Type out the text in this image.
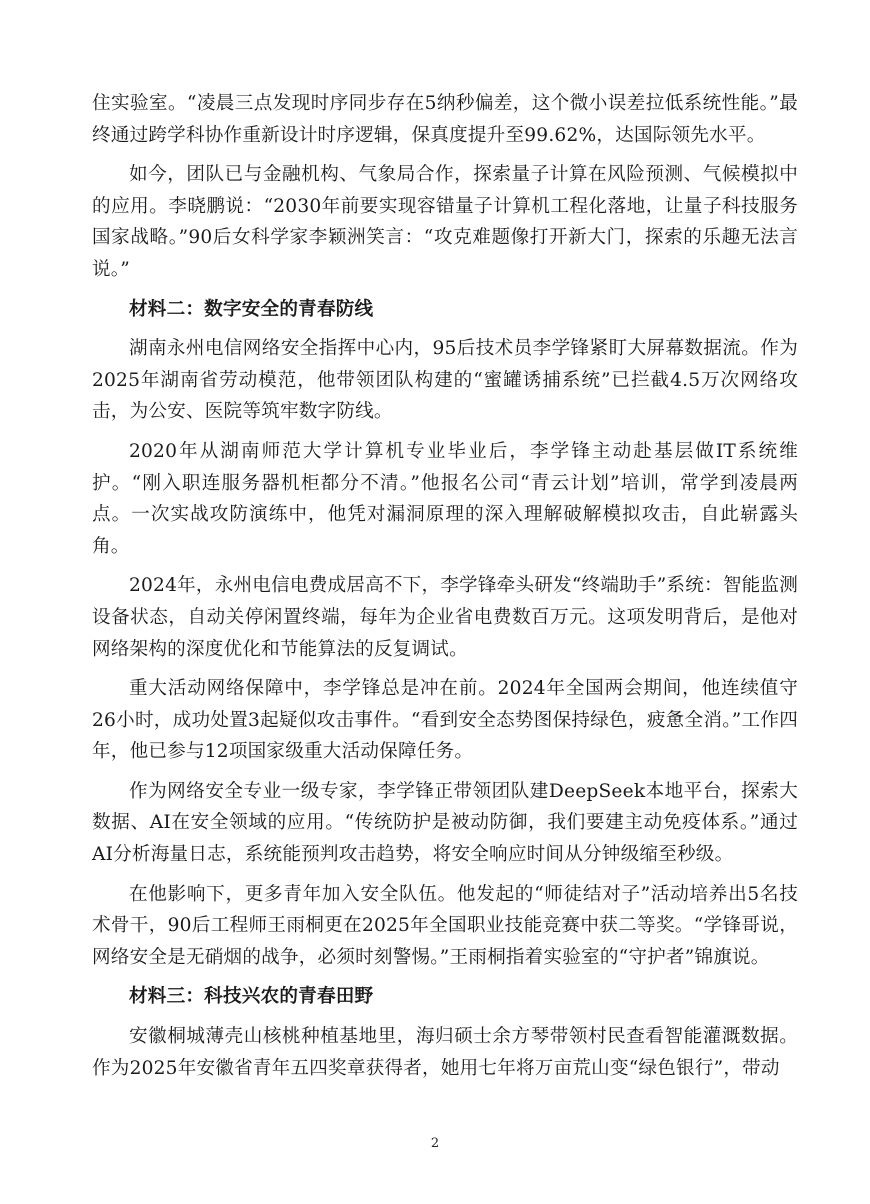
住实验室。“凌晨三点发现时序同步存在5纳秒偏差，这个微小误差拉低系统性能。”最终通过跨学科协作重新设计时序逻辑，保真度提升至99.62%，达国际领先水平。

如今，团队已与金融机构、气象局合作，探索量子计算在风险预测、气候模拟中的应用。李晓鹏说：“2030年前要实现容错量子计算机工程化落地，让量子科技服务国家战略。”90后女科学家李颖洲笑言：“攻克难题像打开新大门，探索的乐趣无法言说。”

材料二：数字安全的青春防线

湖南永州电信网络安全指挥中心内，95后技术员李学锋紧盯大屏幕数据流。作为2025年湖南省劳动模范，他带领团队构建的“蜜罐诱捕系统”已拦截4.5万次网络攻击，为公安、医院等筑牢数字防线。

2020年从湖南师范大学计算机专业毕业后，李学锋主动赴基层做IT系统维护。“刚入职连服务器机柜都分不清。”他报名公司“青云计划”培训，常学到凌晨两点。一次实战攻防演练中，他凭对漏洞原理的深入理解破解模拟攻击，自此崭露头角。

2024年，永州电信电费成居高不下，李学锋牵头研发“终端助手”系统：智能监测设备状态，自动关停闲置终端，每年为企业省电费数百万元。这项发明背后，是他对网络架构的深度优化和节能算法的反复调试。

重大活动网络保障中，李学锋总是冲在前。2024年全国两会期间，他连续值守26小时，成功处置3起疑似攻击事件。“看到安全态势图保持绿色，疲惫全消。”工作四年，他已参与12项国家级重大活动保障任务。

作为网络安全专业一级专家，李学锋正带领团队建DeepSeek本地平台，探索大数据、AI在安全领域的应用。“传统防护是被动防御，我们要建主动免疫体系。”通过AI分析海量日志，系统能预判攻击趋势，将安全响应时间从分钟级缩至秒级。

在他影响下，更多青年加入安全队伍。他发起的“师徒结对子”活动培养出5名技术骨干，90后工程师王雨桐更在2025年全国职业技能竞赛中获二等奖。“学锋哥说，网络安全是无硝烟的战争，必须时刻警惕。”王雨桐指着实验室的“守护者”锦旗说。

材料三：科技兴农的青春田野

安徽桐城薄壳山核桃种植基地里，海归硕士余方琴带领村民查看智能灌溉数据。作为2025年安徽省青年五四奖章获得者，她用七年将万亩荒山变“绿色银行”，带动

2
